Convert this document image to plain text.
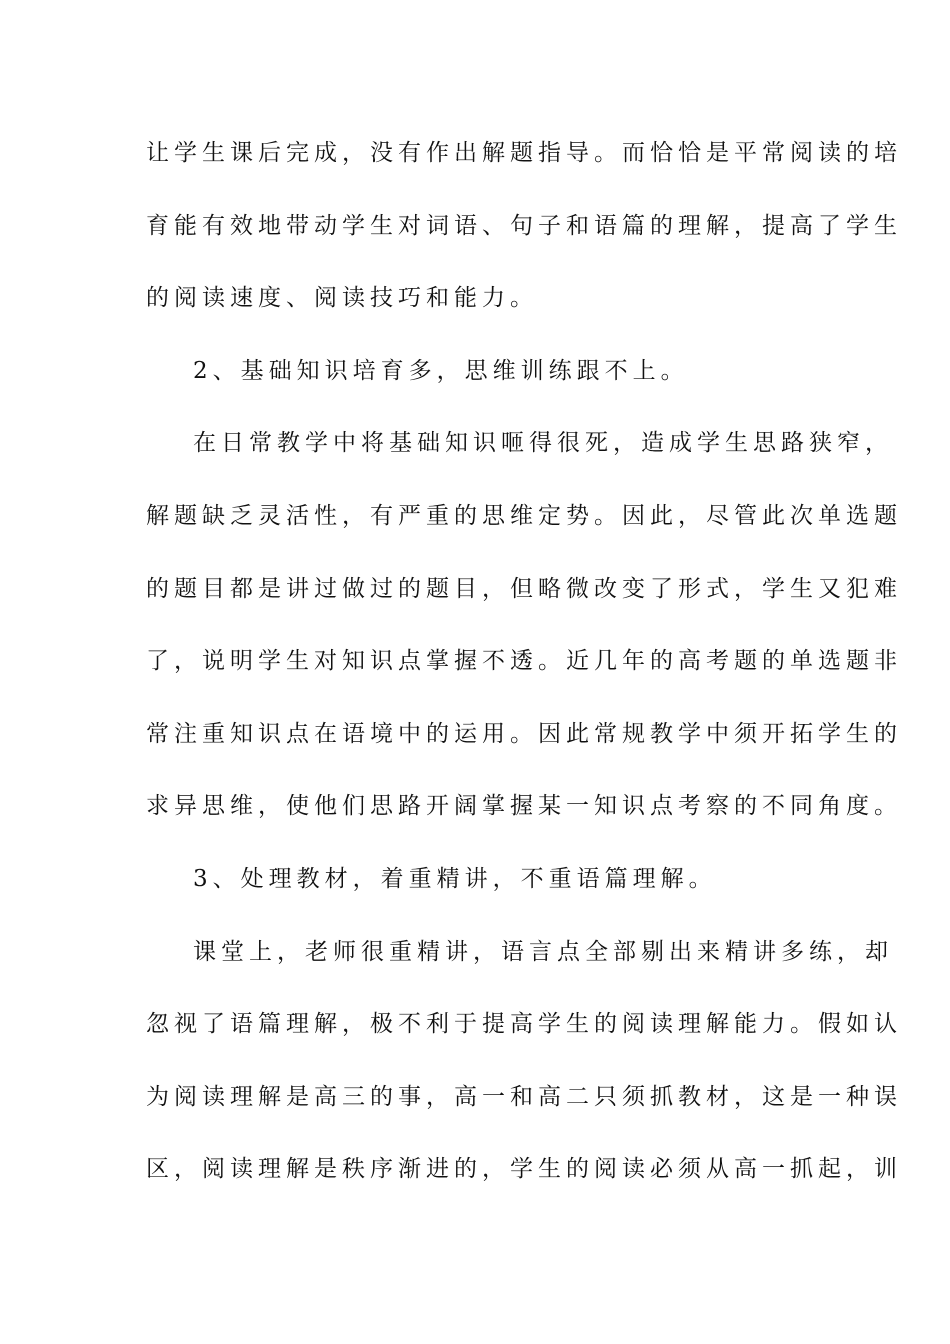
让学生课后完成，没有作出解题指导。而恰恰是平常阅读的培
育能有效地带动学生对词语、句子和语篇的理解，提高了学生
的阅读速度、阅读技巧和能力。
2、基础知识培育多，思维训练跟不上。
在日常教学中将基础知识咂得很死，造成学生思路狭窄，
解题缺乏灵活性，有严重的思维定势。因此，尽管此次单选题
的题目都是讲过做过的题目，但略微改变了形式，学生又犯难
了，说明学生对知识点掌握不透。近几年的高考题的单选题非
常注重知识点在语境中的运用。因此常规教学中须开拓学生的
求异思维，使他们思路开阔掌握某一知识点考察的不同角度。
3、处理教材，着重精讲，不重语篇理解。
课堂上，老师很重精讲，语言点全部剔出来精讲多练，却
忽视了语篇理解，极不利于提高学生的阅读理解能力。假如认
为阅读理解是高三的事，高一和高二只须抓教材，这是一种误
区，阅读理解是秩序渐进的，学生的阅读必须从高一抓起，训
